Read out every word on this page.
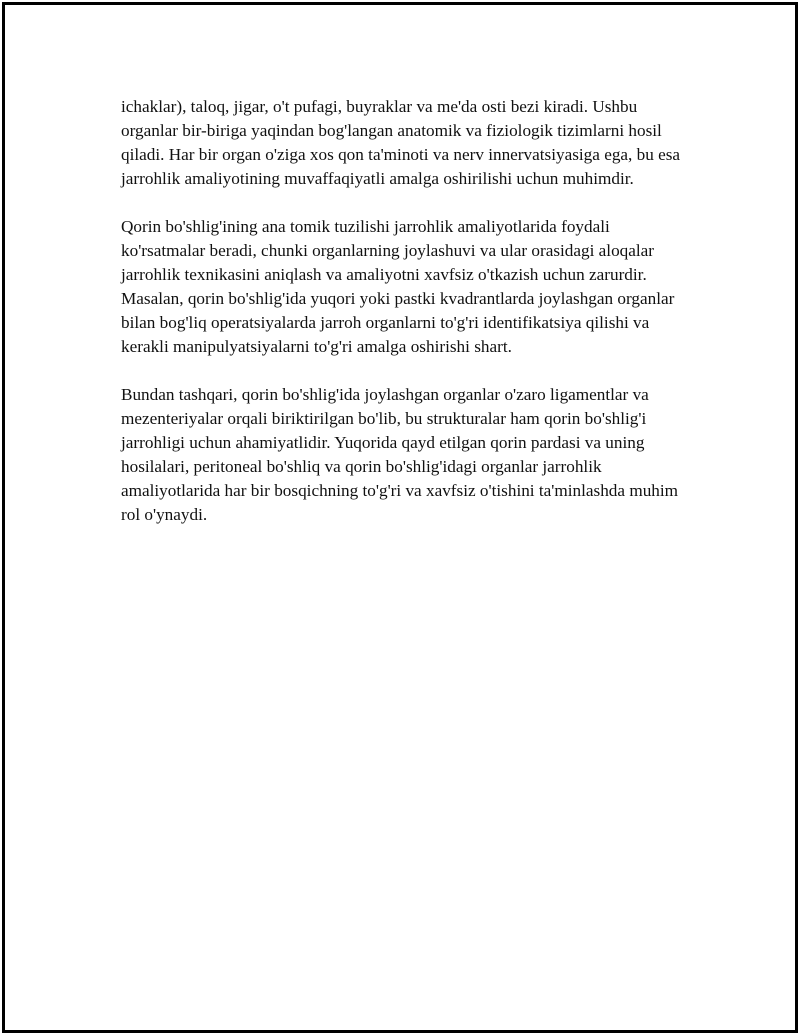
ichaklar), taloq, jigar, o't pufagi, buyraklar va me'da osti bezi kiradi. Ushbu organlar bir-biriga yaqindan bog'langan anatomik va fiziologik tizimlarni hosil qiladi. Har bir organ o'ziga xos qon ta'minoti va nerv innervatsiyasiga ega, bu esa jarrohlik amaliyotining muvaffaqiyatli amalga oshirilishi uchun muhimdir.

Qorin bo'shlig'ining ana tomik tuzilishi jarrohlik amaliyotlarida foydali ko'rsatmalar beradi, chunki organlarning joylashuvi va ular orasidagi aloqalar jarrohlik texnikasini aniqlash va amaliyotni xavfsiz o'tkazish uchun zarurdir. Masalan, qorin bo'shlig'ida yuqori yoki pastki kvadrantlarda joylashgan organlar bilan bog'liq operatsiyalarda jarroh organlarni to'g'ri identifikatsiya qilishi va kerakli manipulyatsiyalarni to'g'ri amalga oshirishi shart.

Bundan tashqari, qorin bo'shlig'ida joylashgan organlar o'zaro ligamentlar va mezenteriyalar orqali biriktirilgan bo'lib, bu strukturalar ham qorin bo'shlig'i jarrohligi uchun ahamiyatlidir. Yuqorida qayd etilgan qorin pardasi va uning hosilalari, peritoneal bo'shliq va qorin bo'shlig'idagi organlar jarrohlik amaliyotlarida har bir bosqichning to'g'ri va xavfsiz o'tishini ta'minlashda muhim rol o'ynaydi.
